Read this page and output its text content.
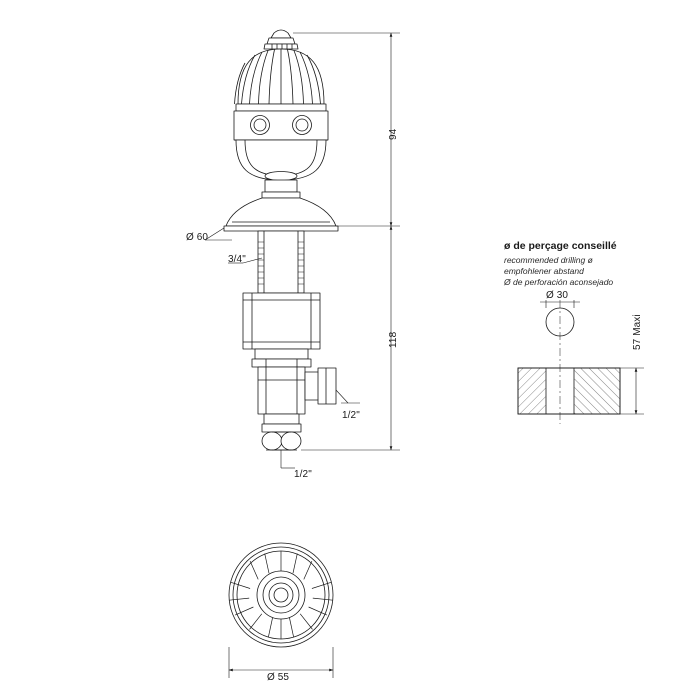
94
118
Ø 60
3/4"
1/2"
1/2"
Ø 30
57 Maxi
Ø 55
ø de perçage conseillé
recommended drilling ø
empfohlener abstand
Ø de perforación aconsejado
